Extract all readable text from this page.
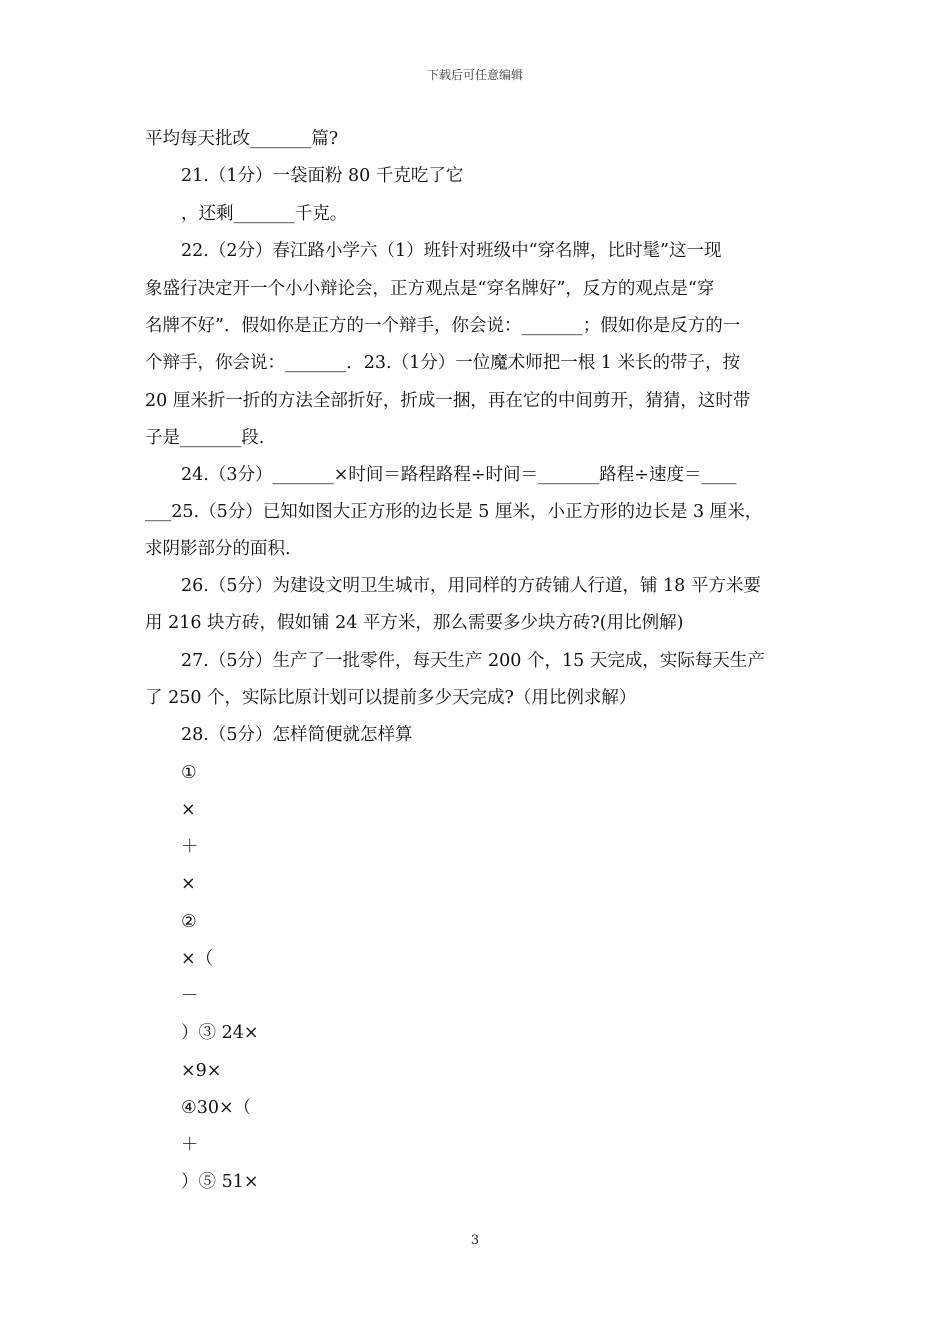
下载后可任意编辑
平均每天批改_______篇?
21.（1分）一袋面粉 80 千克吃了它
，还剩_______千克。
22.（2分）春江路小学六（1）班针对班级中“穿名牌，比时髦”这一现
象盛行决定开一个小小辩论会，正方观点是“穿名牌好”，反方的观点是“穿
名牌不好”．假如你是正方的一个辩手，你会说：_______；假如你是反方的一
个辩手，你会说：_______．23.（1分）一位魔术师把一根 1 米长的带子，按
20 厘米折一折的方法全部折好，折成一捆，再在它的中间剪开，猜猜，这时带
子是_______段.
24.（3分）_______×时间＝路程路程÷时间＝_______路程÷速度＝____
___25.（5分）已知如图大正方形的边长是 5 厘米，小正方形的边长是 3 厘米，
求阴影部分的面积.
26.（5分）为建设文明卫生城市，用同样的方砖铺人行道，铺 18 平方米要
用 216 块方砖，假如铺 24 平方米，那么需要多少块方砖?(用比例解)
27.（5分）生产了一批零件，每天生产 200 个，15 天完成，实际每天生产
了 250 个，实际比原计划可以提前多少天完成?（用比例求解）
28.（5分）怎样简便就怎样算
①
×
＋
×
②
×（
－
）③ 24×
×9×
④30×（
＋
）⑤ 51×
3
